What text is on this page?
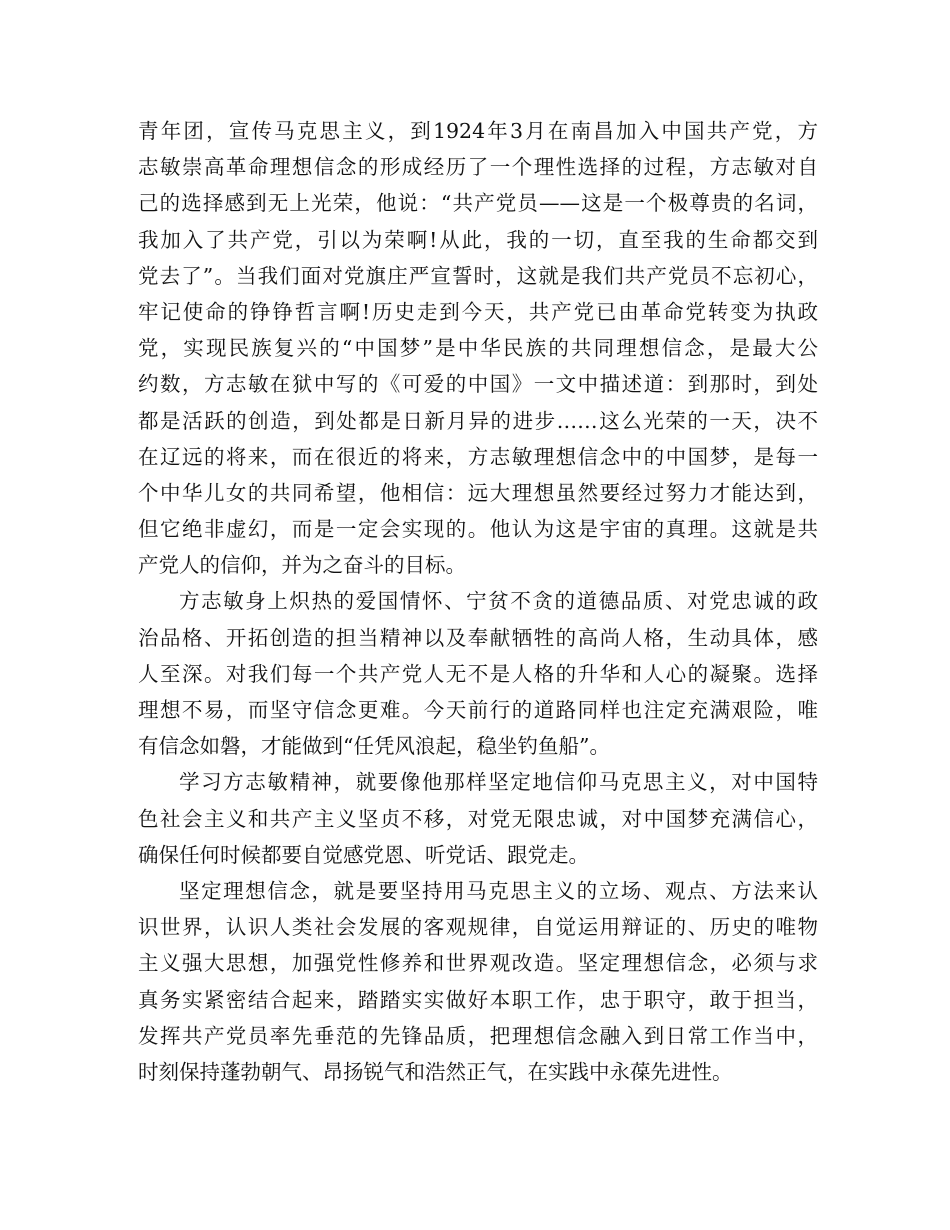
青年团，宣传马克思主义，到1924年3月在南昌加入中国共产党，方
志敏崇高革命理想信念的形成经历了一个理性选择的过程，方志敏对自
己的选择感到无上光荣，他说：“共产党员——这是一个极尊贵的名词，
我加入了共产党，引以为荣啊!从此，我的一切，直至我的生命都交到
党去了”。当我们面对党旗庄严宣誓时，这就是我们共产党员不忘初心，
牢记使命的铮铮哲言啊!历史走到今天，共产党已由革命党转变为执政
党，实现民族复兴的“中国梦”是中华民族的共同理想信念，是最大公
约数，方志敏在狱中写的《可爱的中国》一文中描述道：到那时，到处
都是活跃的创造，到处都是日新月异的进步……这么光荣的一天，决不
在辽远的将来，而在很近的将来，方志敏理想信念中的中国梦，是每一
个中华儿女的共同希望，他相信：远大理想虽然要经过努力才能达到，
但它绝非虚幻，而是一定会实现的。他认为这是宇宙的真理。这就是共
产党人的信仰，并为之奋斗的目标。
方志敏身上炽热的爱国情怀、宁贫不贪的道德品质、对党忠诚的政
治品格、开拓创造的担当精神以及奉献牺牲的高尚人格，生动具体，感
人至深。对我们每一个共产党人无不是人格的升华和人心的凝聚。选择
理想不易，而坚守信念更难。今天前行的道路同样也注定充满艰险，唯
有信念如磐，才能做到“任凭风浪起，稳坐钓鱼船”。
学习方志敏精神，就要像他那样坚定地信仰马克思主义，对中国特
色社会主义和共产主义坚贞不移，对党无限忠诚，对中国梦充满信心，
确保任何时候都要自觉感党恩、听党话、跟党走。
坚定理想信念，就是要坚持用马克思主义的立场、观点、方法来认
识世界，认识人类社会发展的客观规律，自觉运用辩证的、历史的唯物
主义强大思想，加强党性修养和世界观改造。坚定理想信念，必须与求
真务实紧密结合起来，踏踏实实做好本职工作，忠于职守，敢于担当，
发挥共产党员率先垂范的先锋品质，把理想信念融入到日常工作当中，
时刻保持蓬勃朝气、昂扬锐气和浩然正气，在实践中永葆先进性。
